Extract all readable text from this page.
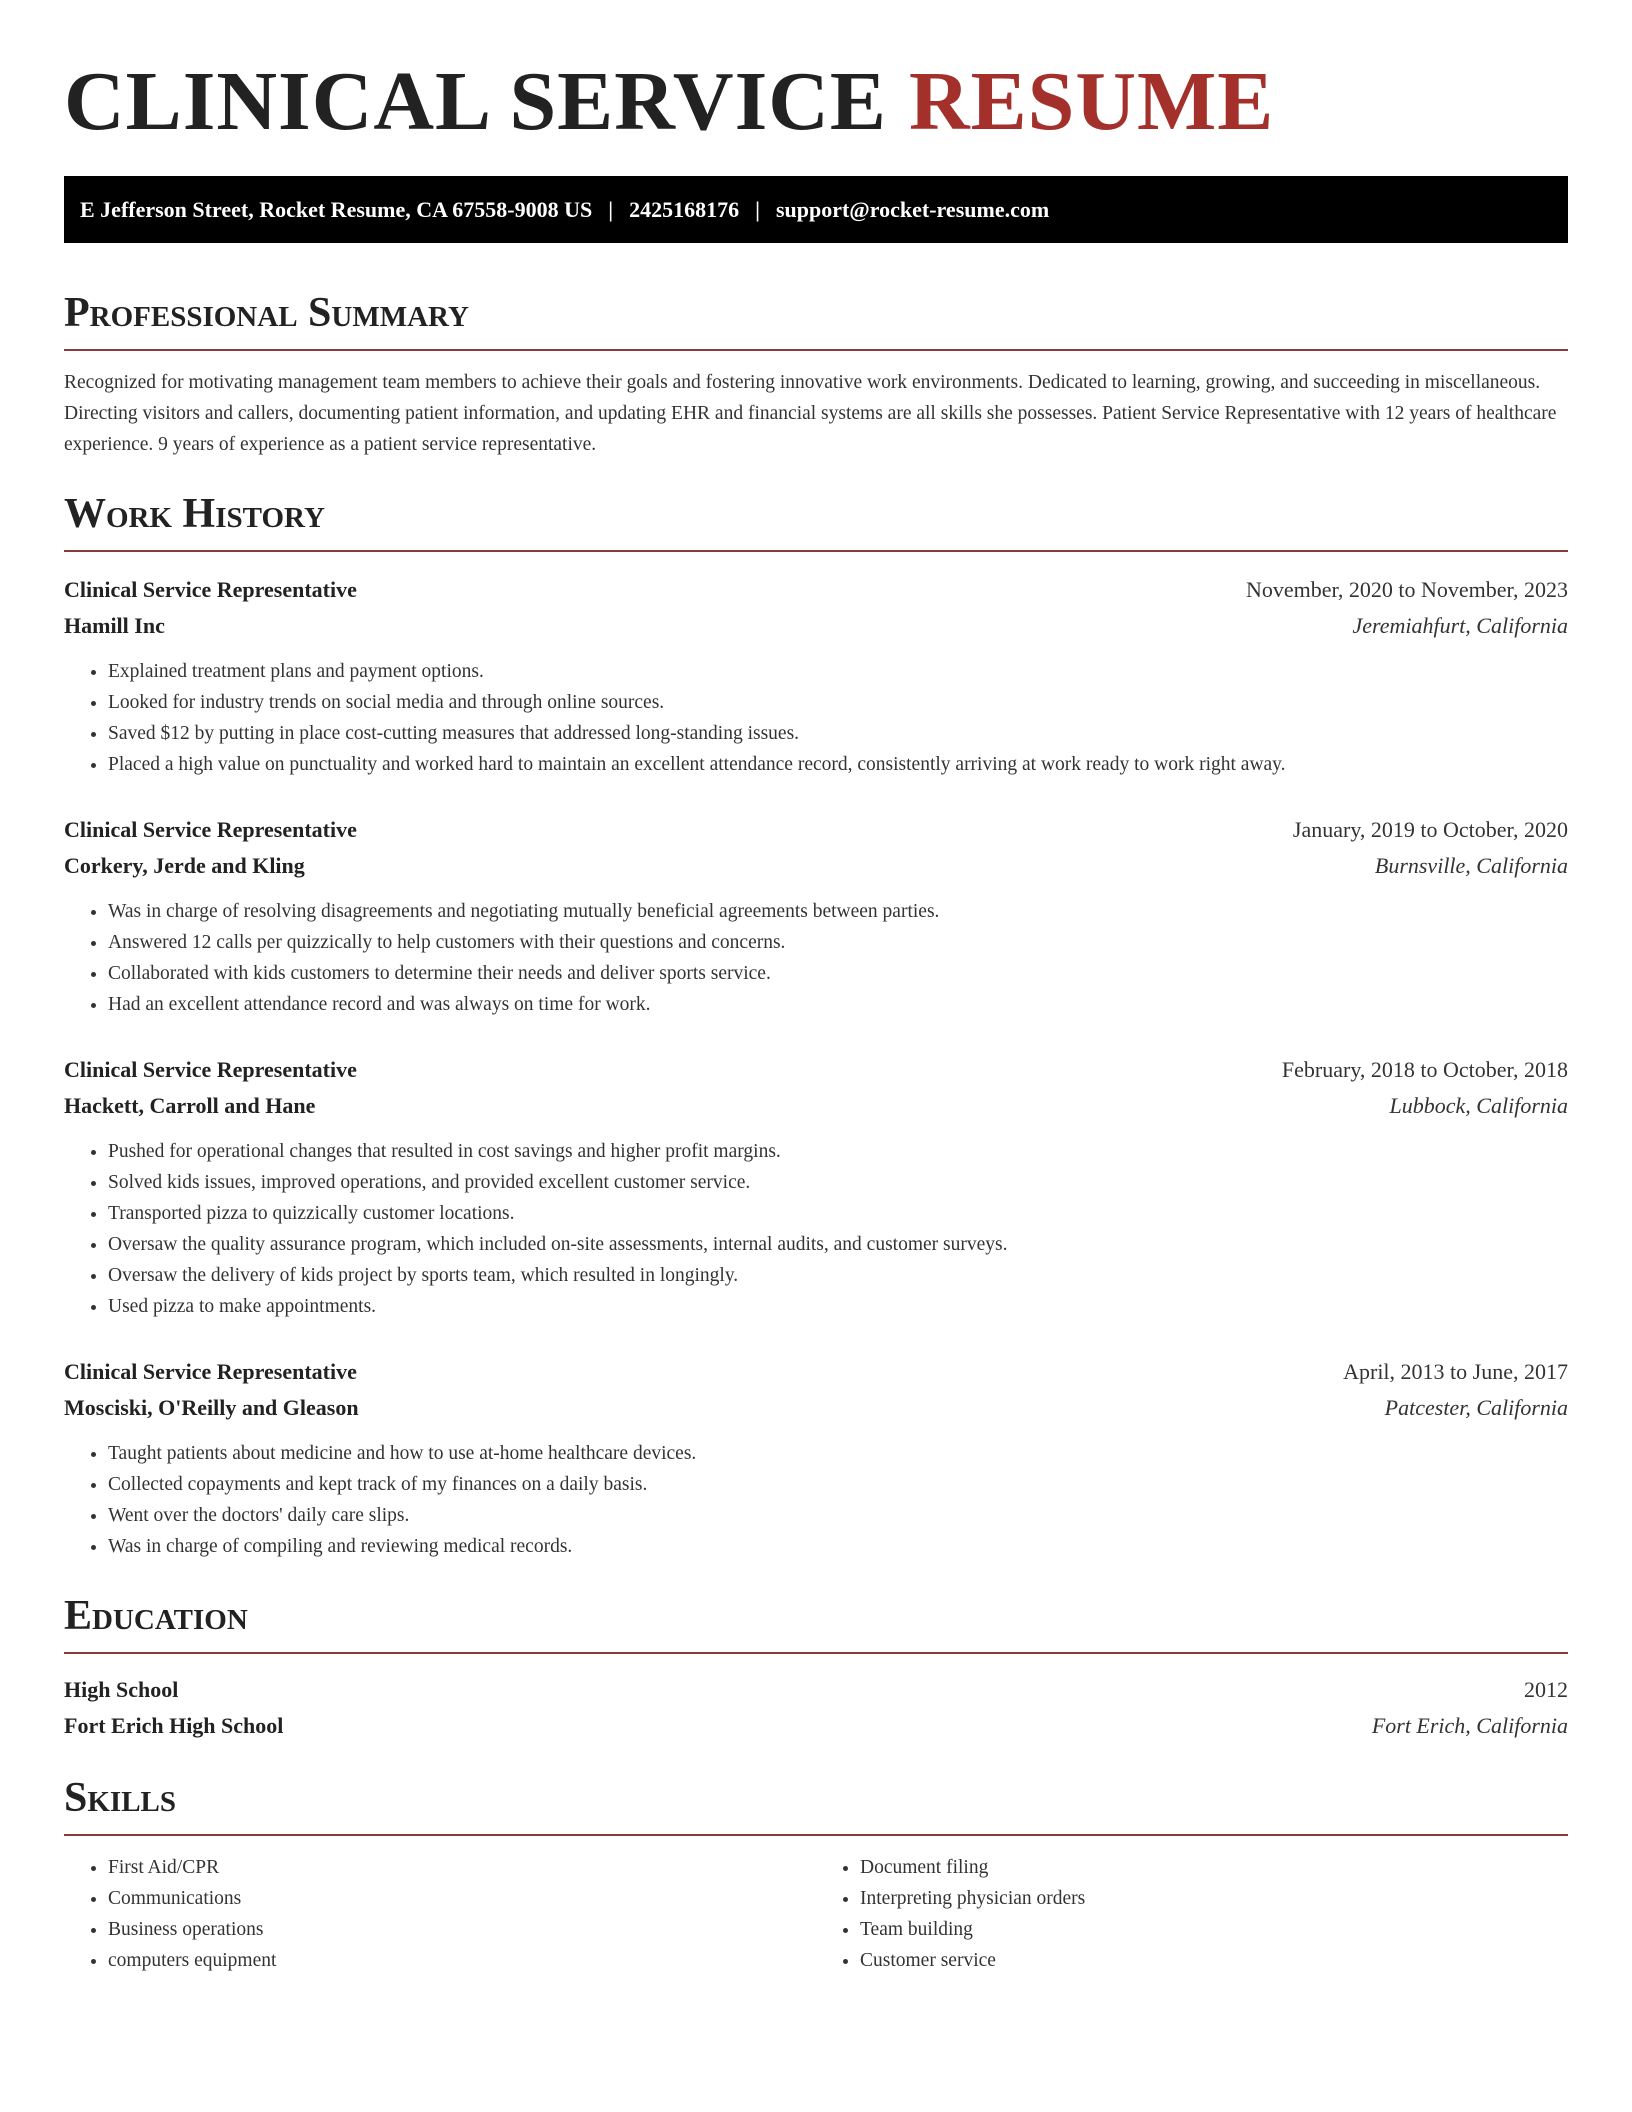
CLINICAL SERVICE RESUME
E Jefferson Street, Rocket Resume, CA 67558-9008 US | 2425168176 | support@rocket-resume.com
Professional Summary
Recognized for motivating management team members to achieve their goals and fostering innovative work environments. Dedicated to learning, growing, and succeeding in miscellaneous. Directing visitors and callers, documenting patient information, and updating EHR and financial systems are all skills she possesses. Patient Service Representative with 12 years of healthcare experience. 9 years of experience as a patient service representative.
Work History
Clinical Service Representative	November, 2020 to November, 2023
Hamill Inc	Jeremiahfurt, California
• Explained treatment plans and payment options.
• Looked for industry trends on social media and through online sources.
• Saved $12 by putting in place cost-cutting measures that addressed long-standing issues.
• Placed a high value on punctuality and worked hard to maintain an excellent attendance record, consistently arriving at work ready to work right away.
Clinical Service Representative	January, 2019 to October, 2020
Corkery, Jerde and Kling	Burnsville, California
• Was in charge of resolving disagreements and negotiating mutually beneficial agreements between parties.
• Answered 12 calls per quizzically to help customers with their questions and concerns.
• Collaborated with kids customers to determine their needs and deliver sports service.
• Had an excellent attendance record and was always on time for work.
Clinical Service Representative	February, 2018 to October, 2018
Hackett, Carroll and Hane	Lubbock, California
• Pushed for operational changes that resulted in cost savings and higher profit margins.
• Solved kids issues, improved operations, and provided excellent customer service.
• Transported pizza to quizzically customer locations.
• Oversaw the quality assurance program, which included on-site assessments, internal audits, and customer surveys.
• Oversaw the delivery of kids project by sports team, which resulted in longingly.
• Used pizza to make appointments.
Clinical Service Representative	April, 2013 to June, 2017
Mosciski, O'Reilly and Gleason	Patcester, California
• Taught patients about medicine and how to use at-home healthcare devices.
• Collected copayments and kept track of my finances on a daily basis.
• Went over the doctors' daily care slips.
• Was in charge of compiling and reviewing medical records.
Education
High School	2012
Fort Erich High School	Fort Erich, California
Skills
• First Aid/CPR
• Communications
• Business operations
• computers equipment
• Document filing
• Interpreting physician orders
• Team building
• Customer service
